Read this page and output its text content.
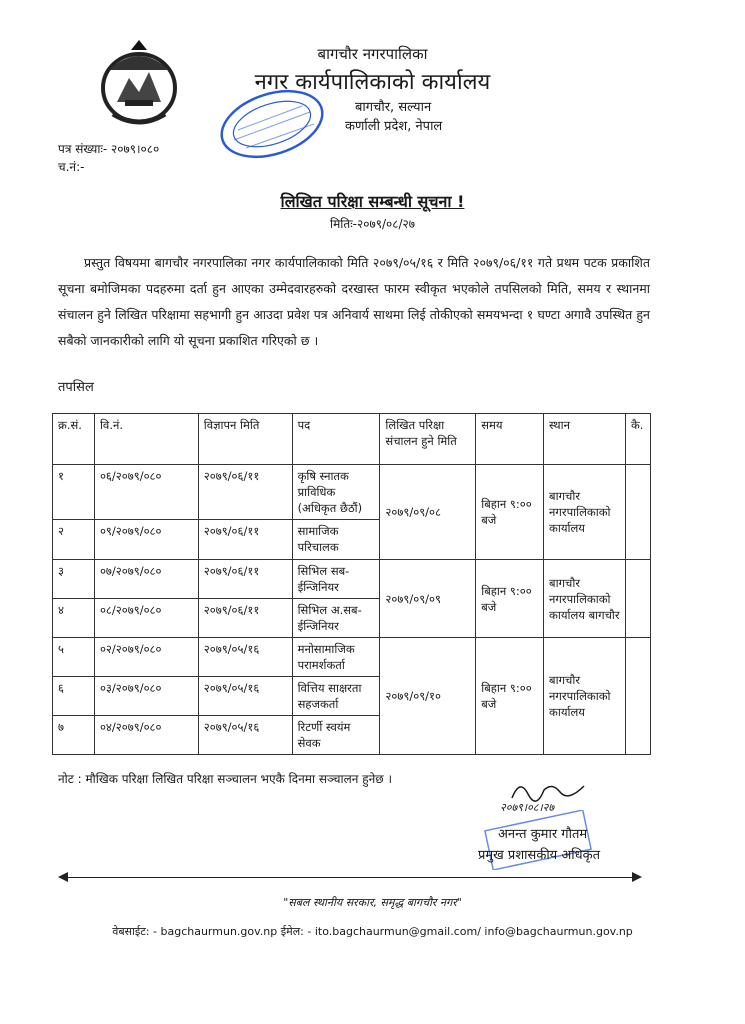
बागचौर नगरपालिका
नगर कार्यपालिकाको कार्यालय
बागचौर, सल्यान
कर्णाली प्रदेश, नेपाल
पत्र संख्याः- २०७९।०८०
च.नं:-
लिखित परिक्षा सम्बन्धी सूचना !
मितिः-२०७९/०८/२७
प्रस्तुत विषयमा बागचौर नगरपालिका नगर कार्यपालिकाको मिति २०७९/०५/१६ र मिति २०७९/०६/११ गते प्रथम पटक प्रकाशित सूचना बमोजिमका पदहरुमा दर्ता हुन आएका उम्मेदवारहरुको दरखास्त फारम स्वीकृत भएकोले तपसिलको मिति, समय र स्थानमा संचालन हुने लिखित परिक्षामा सहभागी हुन आउदा प्रवेश पत्र अनिवार्य साथमा लिई तोकीएको समयभन्दा १ घण्टा अगावै उपस्थित हुन सबैको जानकारीको लागि यो सूचना प्रकाशित गरिएको छ ।
तपसिल
क्र.सं.	वि.नं.	विज्ञापन मिति	पद	लिखित परिक्षा संचालन हुने मिति	समय	स्थान	कै.
१	०६/२०७९/०८०	२०७९/०६/११	कृषि स्नातक प्राविधिक (अधिकृत छैठौं)	२०७९/०९/०८	बिहान ९:०० बजे	बागचौर नगरपालिकाको कार्यालय	
२	०९/२०७९/०८०	२०७९/०६/११	सामाजिक परिचालक				
३	०७/२०७९/०८०	२०७९/०६/११	सिभिल सब-ईन्जिनियर	२०७९/०९/०९	बिहान ९:०० बजे	बागचौर नगरपालिकाको कार्यालय बागचौर	
४	०८/२०७९/०८०	२०७९/०६/११	सिभिल अ.सब-ईन्जिनियर				
५	०२/२०७९/०८०	२०७९/०५/१६	मनोसामाजिक परामर्शकर्ता	२०७९/०९/१०	बिहान ९:०० बजे	बागचौर नगरपालिकाको कार्यालय	
६	०३/२०७९/०८०	२०७९/०५/१६	वित्तिय साक्षरता सहजकर्ता				
७	०४/२०७९/०८०	२०७९/०५/१६	रिटर्णी स्वयंम सेवक				
नोट : मौखिक परिक्षा लिखित परिक्षा सञ्चालन भएकै दिनमा सञ्चालन हुनेछ ।
२०७९।०८।२७
अनन्त कुमार गौतम
प्रमुख प्रशासकीय अधिकृत
"सबल स्थानीय सरकार, समृद्ध बागचौर नगर"
वेबसाईट: - bagchaurmun.gov.np ईमेल: - ito.bagchaurmun@gmail.com/ info@bagchaurmun.gov.np
